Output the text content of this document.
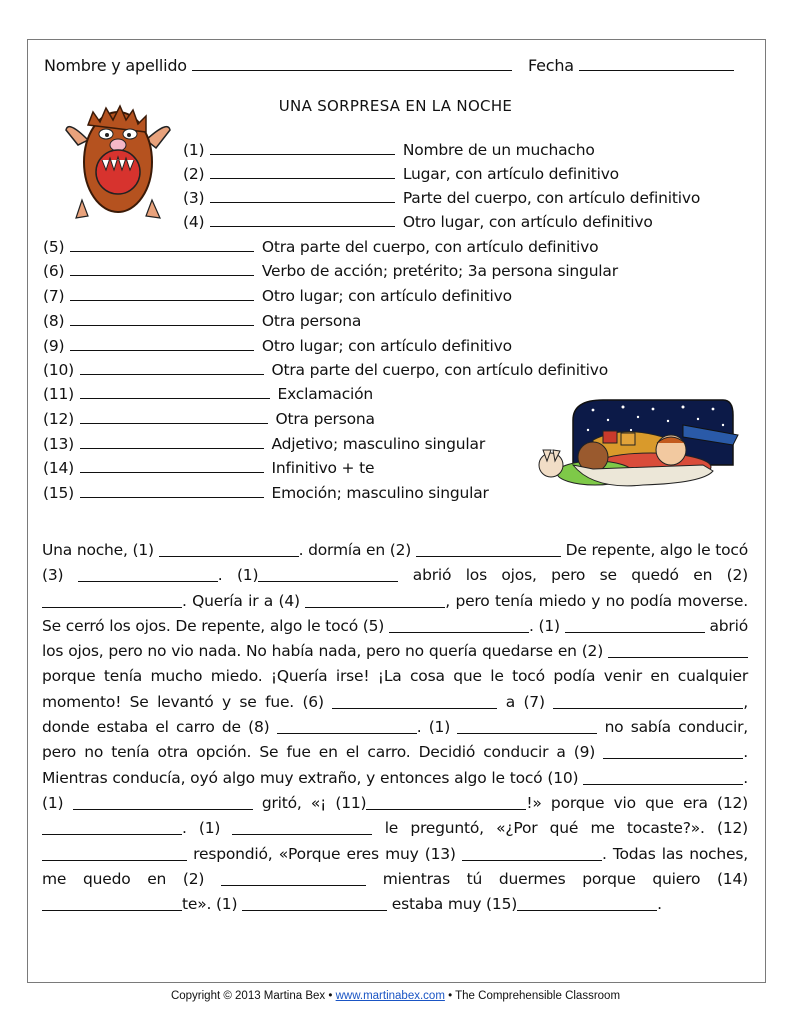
Nombre y apellido	Fecha
UNA SORPRESA EN LA NOCHE
(1)	Nombre de un muchacho
(2)	Lugar, con artículo definitivo
(3)	Parte del cuerpo, con artículo definitivo
(4)	Otro lugar, con artículo definitivo
(5)	Otra parte del cuerpo, con artículo definitivo
(6)	Verbo de acción; pretérito; 3a persona singular
(7)	Otro lugar; con artículo definitivo
(8)	Otra persona
(9)	Otro lugar; con artículo definitivo
(10)	Otra parte del cuerpo, con artículo definitivo
(11)	Exclamación
(12)	Otra persona
(13)	Adjetivo; masculino singular
(14)	Infinitivo + te
(15)	Emoción; masculino singular

Una noche, (1)	. dormía en (2)	De repente, algo le tocó (3)	. (1)	abrió los ojos, pero se quedó en (2) . Quería ir a (4)	, pero tenía miedo y no podía moverse. Se cerró los ojos. De repente, algo le tocó (5)	. (1)	abrió los ojos, pero no vio nada. No había nada, pero no quería quedarse en (2)  porque tenía mucho miedo. ¡Quería irse! ¡La cosa que le tocó podía venir en cualquier momento! Se levantó y se fue. (6)	a (7)	, donde estaba el carro de (8)	. (1)	no sabía conducir, pero no tenía otra opción. Se fue en el carro. Decidió conducir a (9)	. Mientras conducía, oyó algo muy extraño, y entonces algo le tocó (10)	. (1)	gritó, «¡ (11)	!» porque vio que era (12) . (1)	le preguntó, «¿Por qué me tocaste?». (12)  respondió, «Porque eres muy (13)	. Todas las noches, me quedo en (2)	mientras tú duermes porque quiero (14) te». (1)	estaba muy (15)	.

Copyright © 2013 Martina Bex • www.martinabex.com • The Comprehensible Classroom
